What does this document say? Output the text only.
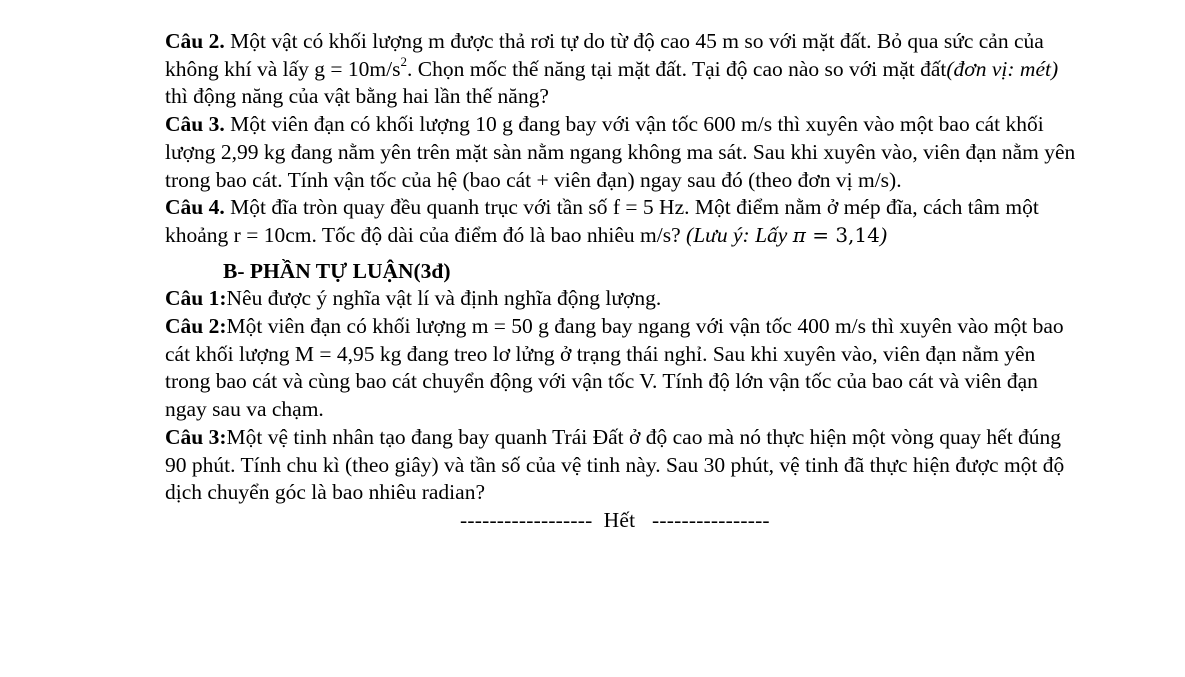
Câu 2. Một vật có khối lượng m được thả rơi tự do từ độ cao 45 m so với mặt đất. Bỏ qua sức cản của không khí và lấy $g = 10m/s^2$. Chọn mốc thế năng tại mặt đất. Tại độ cao nào so với mặt đất(đơn vị: mét) thì động năng của vật bằng hai lần thế năng?

Câu 3. Một viên đạn có khối lượng 10 g đang bay với vận tốc 600 m/s thì xuyên vào một bao cát khối lượng 2,99 kg đang nằm yên trên mặt sàn nằm ngang không ma sát. Sau khi xuyên vào, viên đạn nằm yên trong bao cát. Tính vận tốc của hệ (bao cát + viên đạn) ngay sau đó (theo đơn vị m/s).

Câu 4. Một đĩa tròn quay đều quanh trục với tần số f = 5 Hz. Một điểm nằm ở mép đĩa, cách tâm một khoảng r = 10cm. Tốc độ dài của điểm đó là bao nhiêu m/s? (Lưu ý: Lấy π = 3,14)

B- PHẦN TỰ LUẬN(3đ)

Câu 1:Nêu được ý nghĩa vật lí và định nghĩa động lượng.

Câu 2:Một viên đạn có khối lượng m = 50 g đang bay ngang với vận tốc 400 m/s thì xuyên vào một bao cát khối lượng M = 4,95 kg đang treo lơ lửng ở trạng thái nghỉ. Sau khi xuyên vào, viên đạn nằm yên trong bao cát và cùng bao cát chuyển động với vận tốc V. Tính độ lớn vận tốc của bao cát và viên đạn ngay sau va chạm.

Câu 3:Một vệ tinh nhân tạo đang bay quanh Trái Đất ở độ cao mà nó thực hiện một vòng quay hết đúng 90 phút. Tính chu kì (theo giây) và tần số của vệ tinh này. Sau 30 phút, vệ tinh đã thực hiện được một độ dịch chuyển góc là bao nhiêu radian?

------------------ Hết ----------------
